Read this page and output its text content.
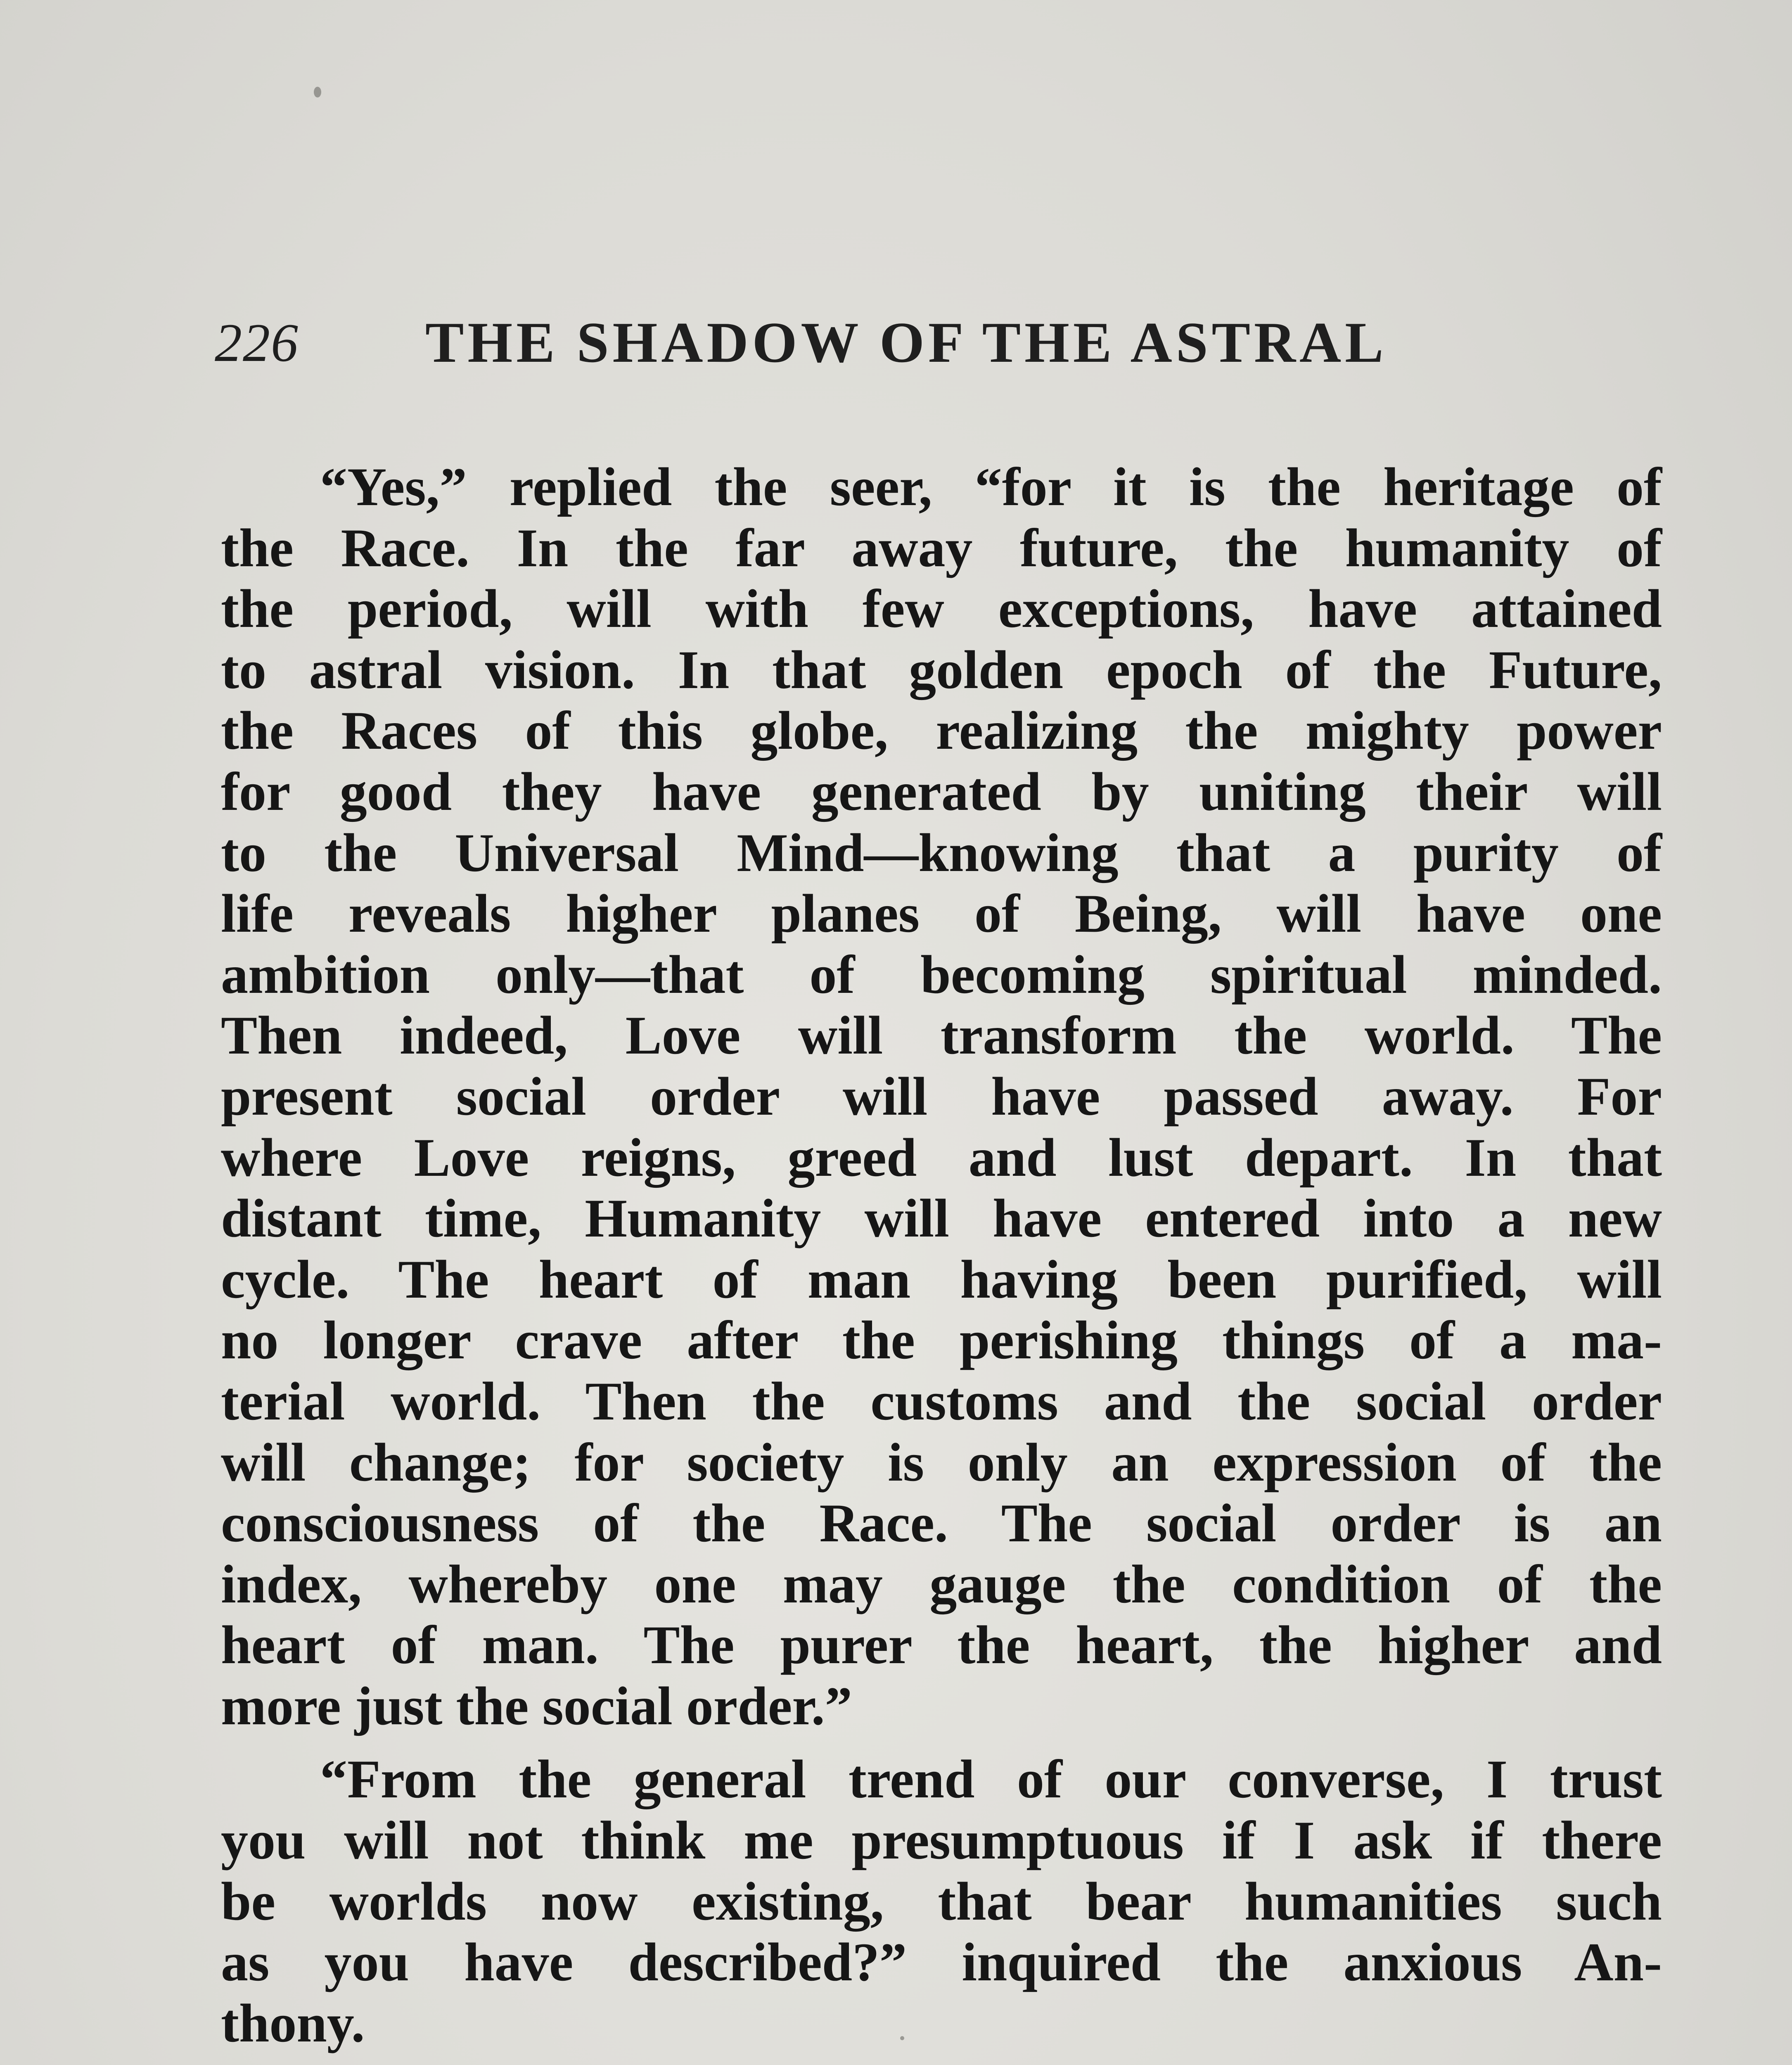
226 THE SHADOW OF THE ASTRAL
“Yes,” replied the seer, “for it is the heritage of
the Race. In the far away future, the humanity of
the period, will with few exceptions, have attained
to astral vision. In that golden epoch of the Future,
the Races of this globe, realizing the mighty power
for good they have generated by uniting their will
to the Universal Mind—knowing that a purity of
life reveals higher planes of Being, will have one
ambition only—that of becoming spiritual minded.
Then indeed, Love will transform the world. The
present social order will have passed away. For
where Love reigns, greed and lust depart. In that
distant time, Humanity will have entered into a new
cycle. The heart of man having been purified, will
no longer crave after the perishing things of a ma-
terial world. Then the customs and the social order
will change; for society is only an expression of the
consciousness of the Race. The social order is an
index, whereby one may gauge the condition of the
heart of man. The purer the heart, the higher and
more just the social order.”
“From the general trend of our converse, I trust
you will not think me presumptuous if I ask if there
be worlds now existing, that bear humanities such
as you have described?” inquired the anxious An-
thony.
